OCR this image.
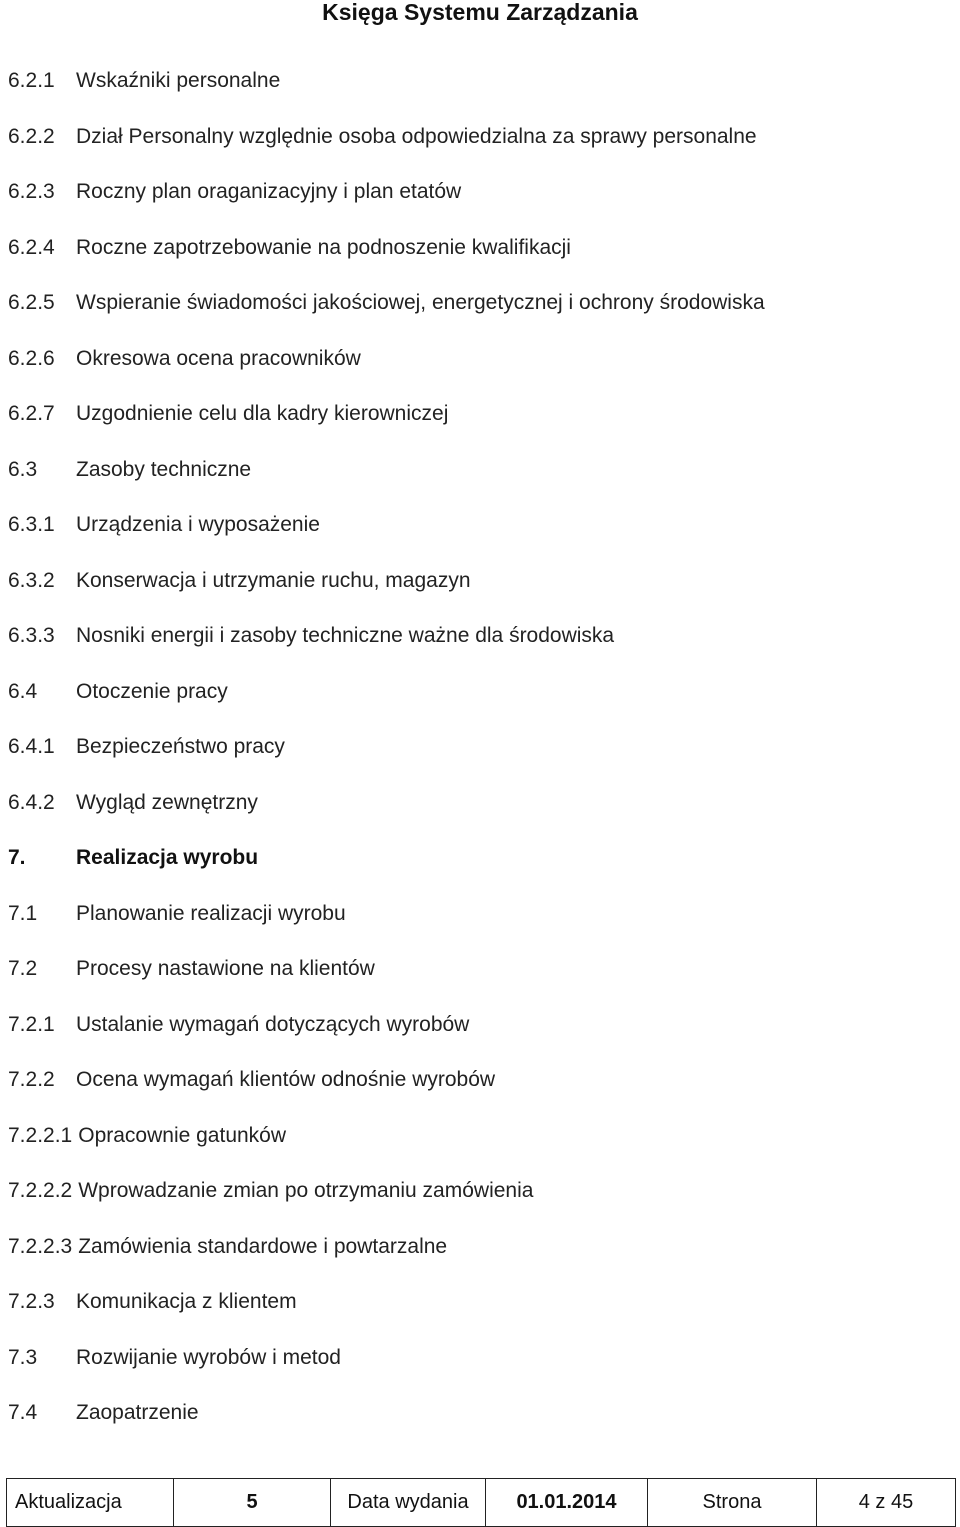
Księga Systemu Zarządzania
6.2.1	Wskaźniki personalne
6.2.2	Dział Personalny względnie osoba odpowiedzialna za sprawy personalne
6.2.3	Roczny plan oraganizacyjny i plan etatów
6.2.4	Roczne zapotrzebowanie na podnoszenie kwalifikacji
6.2.5	Wspieranie świadomości jakościowej, energetycznej i ochrony środowiska
6.2.6	Okresowa ocena pracowników
6.2.7	Uzgodnienie celu dla kadry kierowniczej
6.3	Zasoby techniczne
6.3.1	Urządzenia i wyposażenie
6.3.2	Konserwacja i utrzymanie ruchu, magazyn
6.3.3	Nosniki energii i zasoby techniczne ważne dla środowiska
6.4	Otoczenie pracy
6.4.1	Bezpieczeństwo pracy
6.4.2	Wygląd zewnętrzny
7.	Realizacja wyrobu
7.1	Planowanie realizacji wyrobu
7.2	Procesy nastawione na klientów
7.2.1	Ustalanie wymagań dotyczących wyrobów
7.2.2	Ocena wymagań klientów odnośnie wyrobów
7.2.2.1 Opracownie gatunków
7.2.2.2 Wprowadzanie zmian po otrzymaniu zamówienia
7.2.2.3 Zamówienia standardowe i powtarzalne
7.2.3	Komunikacja z klientem
7.3	Rozwijanie wyrobów i metod
7.4	Zaopatrzenie
Aktualizacja	5	Data wydania	01.01.2014	Strona	4 z 45
